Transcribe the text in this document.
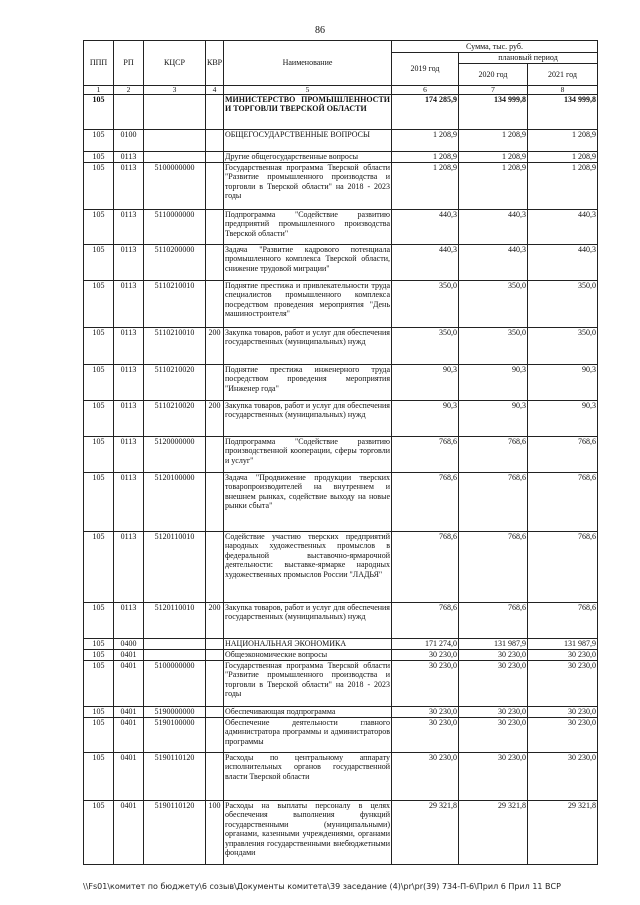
86
ППП	РП	КЦСР	КВР	Наименование	Сумма, тыс. руб.		
					2019 год	плановый период	
						2020 год	2021 год
1	2	3	4	5	6	7	8
105				МИНИСТЕРСТВО ПРОМЫШЛЕННОСТИ И ТОРГОВЛИ ТВЕРСКОЙ ОБЛАСТИ	174 285,9	134 999,8	134 999,8
105	0100			ОБЩЕГОСУДАРСТВЕННЫЕ ВОПРОСЫ	1 208,9	1 208,9	1 208,9
105	0113			Другие общегосударственные вопросы	1 208,9	1 208,9	1 208,9
105	0113	5100000000		Государственная программа Тверской области "Развитие промышленного производства и торговли в Тверской области" на 2018 - 2023 годы	1 208,9	1 208,9	1 208,9
105	0113	5110000000		Подпрограмма "Содействие развитию предприятий промышленного производства Тверской области"	440,3	440,3	440,3
105	0113	5110200000		Задача "Развитие кадрового потенциала промышленного комплекса Тверской области, снижение трудовой миграции"	440,3	440,3	440,3
105	0113	5110210010		Поднятие престижа и привлекательности труда специалистов промышленного комплекса посредством проведения мероприятия "День машиностроителя"	350,0	350,0	350,0
105	0113	5110210010	200	Закупка товаров, работ и услуг для обеспечения государственных (муниципальных) нужд	350,0	350,0	350,0
105	0113	5110210020		Поднятие престижа инженерного труда посредством проведения мероприятия "Инженер года"	90,3	90,3	90,3
105	0113	5110210020	200	Закупка товаров, работ и услуг для обеспечения государственных (муниципальных) нужд	90,3	90,3	90,3
105	0113	5120000000		Подпрограмма "Содействие развитию производственной кооперации, сферы торговли и услуг"	768,6	768,6	768,6
105	0113	5120100000		Задача "Продвижение продукции тверских товаропроизводителей на внутреннем и внешнем рынках, содействие выходу на новые рынки сбыта"	768,6	768,6	768,6
105	0113	5120110010		Содействие участию тверских предприятий народных художественных промыслов в федеральной выставочно-ярмарочной деятельности: выставке-ярмарке народных художественных промыслов России "ЛАДЬЯ"	768,6	768,6	768,6
105	0113	5120110010	200	Закупка товаров, работ и услуг для обеспечения государственных (муниципальных) нужд	768,6	768,6	768,6
105	0400			НАЦИОНАЛЬНАЯ ЭКОНОМИКА	171 274,0	131 987,9	131 987,9
105	0401			Общеэкономические вопросы	30 230,0	30 230,0	30 230,0
105	0401	5100000000		Государственная программа Тверской области "Развитие промышленного производства и торговли в Тверской области" на 2018 - 2023 годы	30 230,0	30 230,0	30 230,0
105	0401	5190000000		Обеспечивающая подпрограмма	30 230,0	30 230,0	30 230,0
105	0401	5190100000		Обеспечение деятельности главного администратора программы и администраторов программы	30 230,0	30 230,0	30 230,0
105	0401	5190110120		Расходы по центральному аппарату исполнительных органов государственной власти Тверской области	30 230,0	30 230,0	30 230,0
105	0401	5190110120	100	Расходы на выплаты персоналу в целях обеспечения выполнения функций государственными (муниципальными) органами, казенными учреждениями, органами управления государственными внебюджетными фондами	29 321,8	29 321,8	29 321,8
\\Fs01\комитет по бюджету\6 созыв\Документы комитета\39 заседание (4)\pr\pr(39) 734-П-6\Прил 6 Прил 11 ВСР
